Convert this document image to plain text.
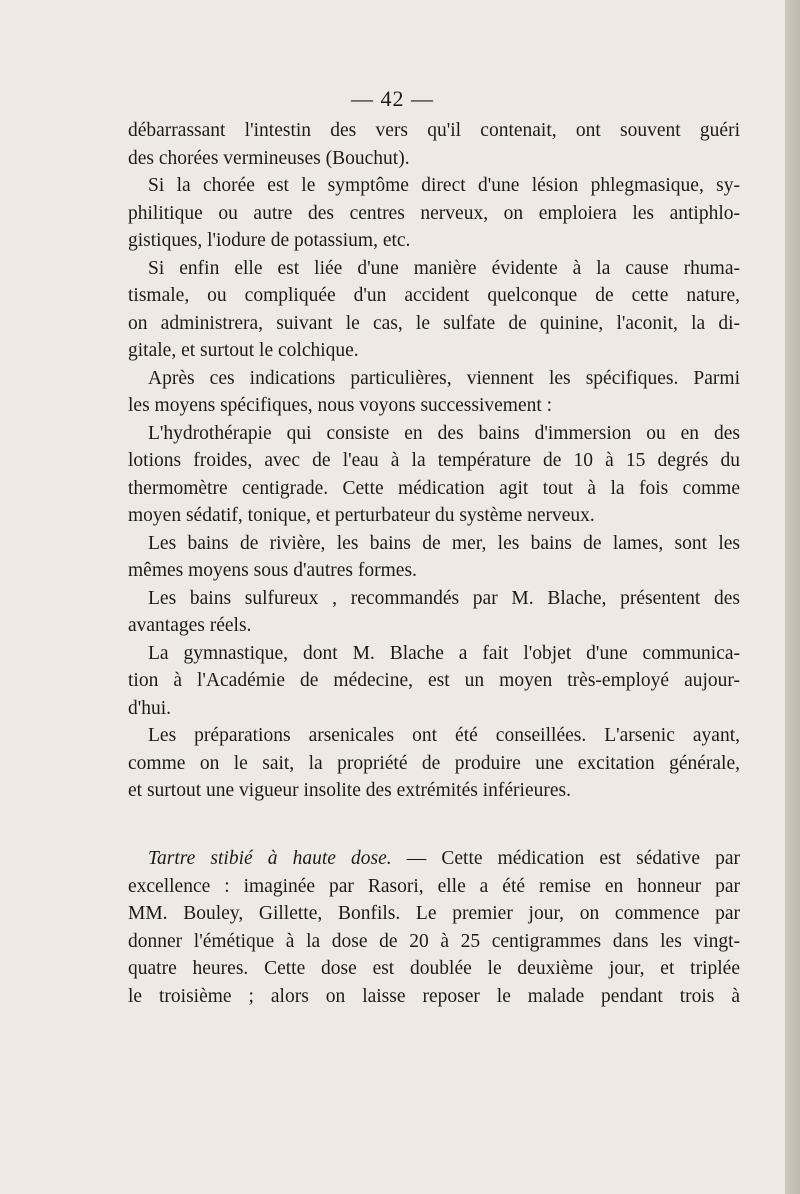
— 42 —
débarrassant l'intestin des vers qu'il contenait, ont souvent guéri
des chorées vermineuses (Bouchut).
Si la chorée est le symptôme direct d'une lésion phlegmasique, sy-
philitique ou autre des centres nerveux, on emploiera les antiphlo-
gistiques, l'iodure de potassium, etc.
Si enfin elle est liée d'une manière évidente à la cause rhuma-
tismale, ou compliquée d'un accident quelconque de cette nature,
on administrera, suivant le cas, le sulfate de quinine, l'aconit, la di-
gitale, et surtout le colchique.
Après ces indications particulières, viennent les spécifiques. Parmi
les moyens spécifiques, nous voyons successivement :
L'hydrothérapie qui consiste en des bains d'immersion ou en des
lotions froides, avec de l'eau à la température de 10 à 15 degrés du
thermomètre centigrade. Cette médication agit tout à la fois comme
moyen sédatif, tonique, et perturbateur du système nerveux.
Les bains de rivière, les bains de mer, les bains de lames, sont les
mêmes moyens sous d'autres formes.
Les bains sulfureux , recommandés par M. Blache, présentent des
avantages réels.
La gymnastique, dont M. Blache a fait l'objet d'une communica-
tion à l'Académie de médecine, est un moyen très-employé aujour-
d'hui.
Les préparations arsenicales ont été conseillées. L'arsenic ayant,
comme on le sait, la propriété de produire une excitation générale,
et surtout une vigueur insolite des extrémités inférieures.
Tartre stibié à haute dose. — Cette médication est sédative par
excellence : imaginée par Rasori, elle a été remise en honneur par
MM. Bouley, Gillette, Bonfils. Le premier jour, on commence par
donner l'émétique à la dose de 20 à 25 centigrammes dans les vingt-
quatre heures. Cette dose est doublée le deuxième jour, et triplée
le troisième ; alors on laisse reposer le malade pendant trois à
